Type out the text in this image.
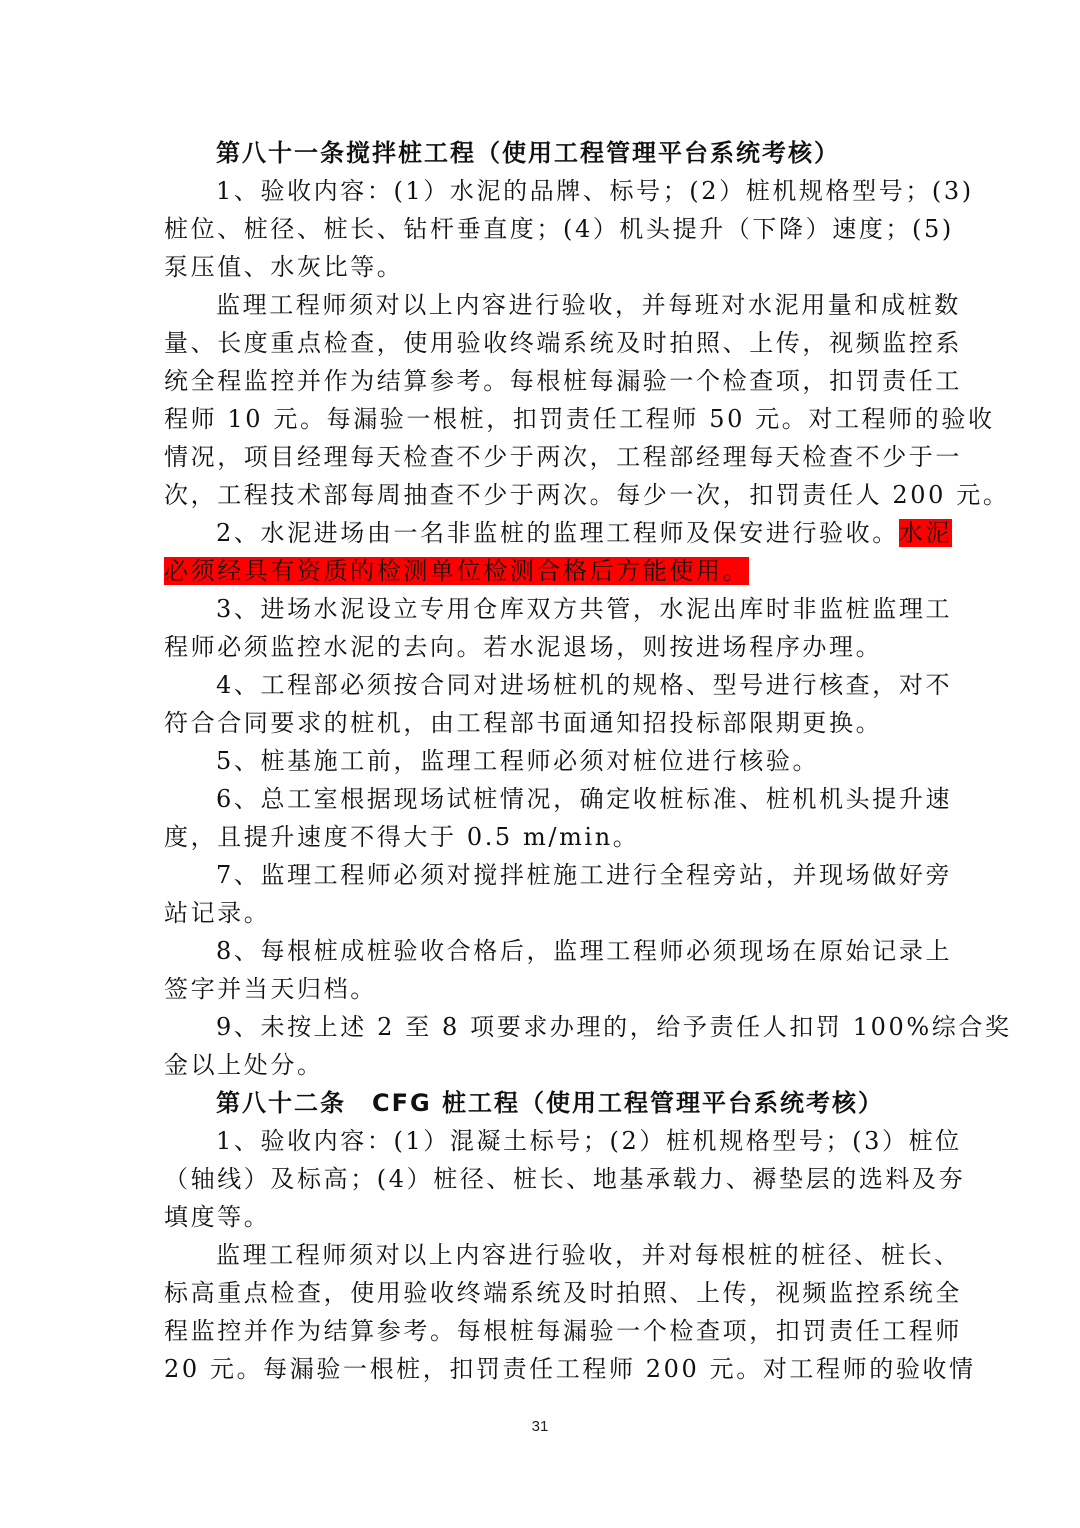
第八十一条搅拌桩工程（使用工程管理平台系统考核）
1、验收内容：(1）水泥的品牌、标号；(2）桩机规格型号；(3)
桩位、桩径、桩长、钻杆垂直度；(4）机头提升（下降）速度；(5)
泵压值、水灰比等。
监理工程师须对以上内容进行验收，并每班对水泥用量和成桩数
量、长度重点检查，使用验收终端系统及时拍照、上传，视频监控系
统全程监控并作为结算参考。每根桩每漏验一个检查项，扣罚责任工
程师 10 元。每漏验一根桩，扣罚责任工程师 50 元。对工程师的验收
情况，项目经理每天检查不少于两次，工程部经理每天检查不少于一
次，工程技术部每周抽查不少于两次。每少一次，扣罚责任人 200 元。
2、水泥进场由一名非监桩的监理工程师及保安进行验收。水泥
必须经具有资质的检测单位检测合格后方能使用。
3、进场水泥设立专用仓库双方共管，水泥出库时非监桩监理工
程师必须监控水泥的去向。若水泥退场，则按进场程序办理。
4、工程部必须按合同对进场桩机的规格、型号进行核查，对不
符合合同要求的桩机，由工程部书面通知招投标部限期更换。
5、桩基施工前，监理工程师必须对桩位进行核验。
6、总工室根据现场试桩情况，确定收桩标准、桩机机头提升速
度，且提升速度不得大于 0.5 m/min。
7、监理工程师必须对搅拌桩施工进行全程旁站，并现场做好旁
站记录。
8、每根桩成桩验收合格后，监理工程师必须现场在原始记录上
签字并当天归档。
9、未按上述 2 至 8 项要求办理的，给予责任人扣罚 100%综合奖
金以上处分。
第八十二条　CFG 桩工程（使用工程管理平台系统考核）
1、验收内容：(1）混凝土标号；(2）桩机规格型号；(3）桩位
（轴线）及标高；(4）桩径、桩长、地基承载力、褥垫层的选料及夯
填度等。
监理工程师须对以上内容进行验收，并对每根桩的桩径、桩长、
标高重点检查，使用验收终端系统及时拍照、上传，视频监控系统全
程监控并作为结算参考。每根桩每漏验一个检查项，扣罚责任工程师
20 元。每漏验一根桩，扣罚责任工程师 200 元。对工程师的验收情
31
